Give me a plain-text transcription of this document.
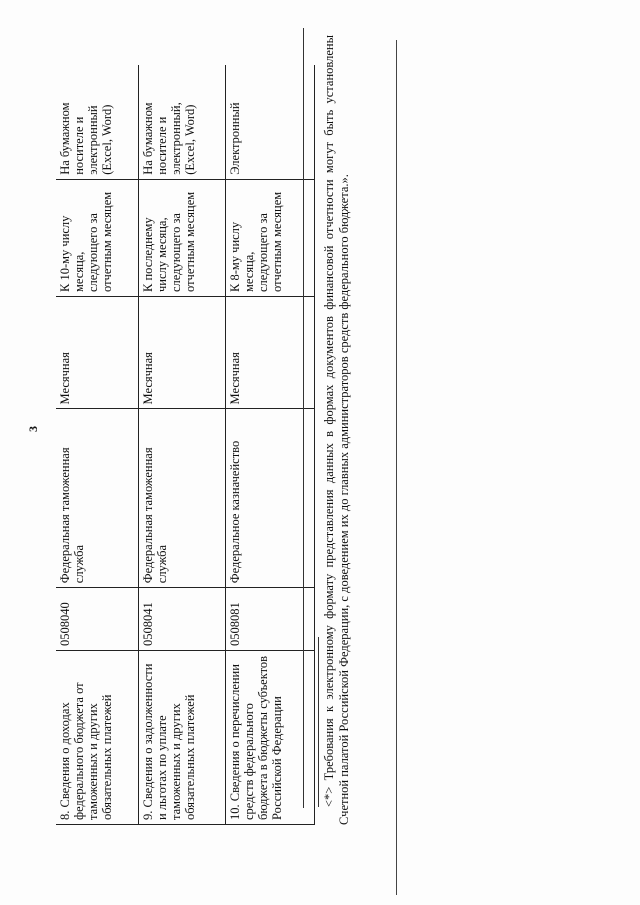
3
8. Сведения о доходах федерального бюджета от таможенных и других обязательных платежей	0508040	Федеральная таможенная служба	Месячная	К 10-му числу месяца, следующего за отчетным месяцем	На бумажном носителе и электронный (Excel, Word)
9. Сведения о задолженности и льготах по уплате таможенных и других обязательных платежей	0508041	Федеральная таможенная служба	Месячная	К последнему числу месяца, следующего за отчетным месяцем	На бумажном носителе и электронный, (Excel, Word)
10. Сведения о перечислении средств федерального бюджета в бюджеты субъектов Российской Федерации	0508081	Федеральное казначейство	Месячная	К 8-му числу месяца, следующего за отчетным месяцем	Электронный	<*> Требования к электронному формату представления данных в формах документов финансовой отчетности могут быть установлены Счетной палатой Российской Федерации, с доведением их до главных администраторов средств федерального бюджета.».
